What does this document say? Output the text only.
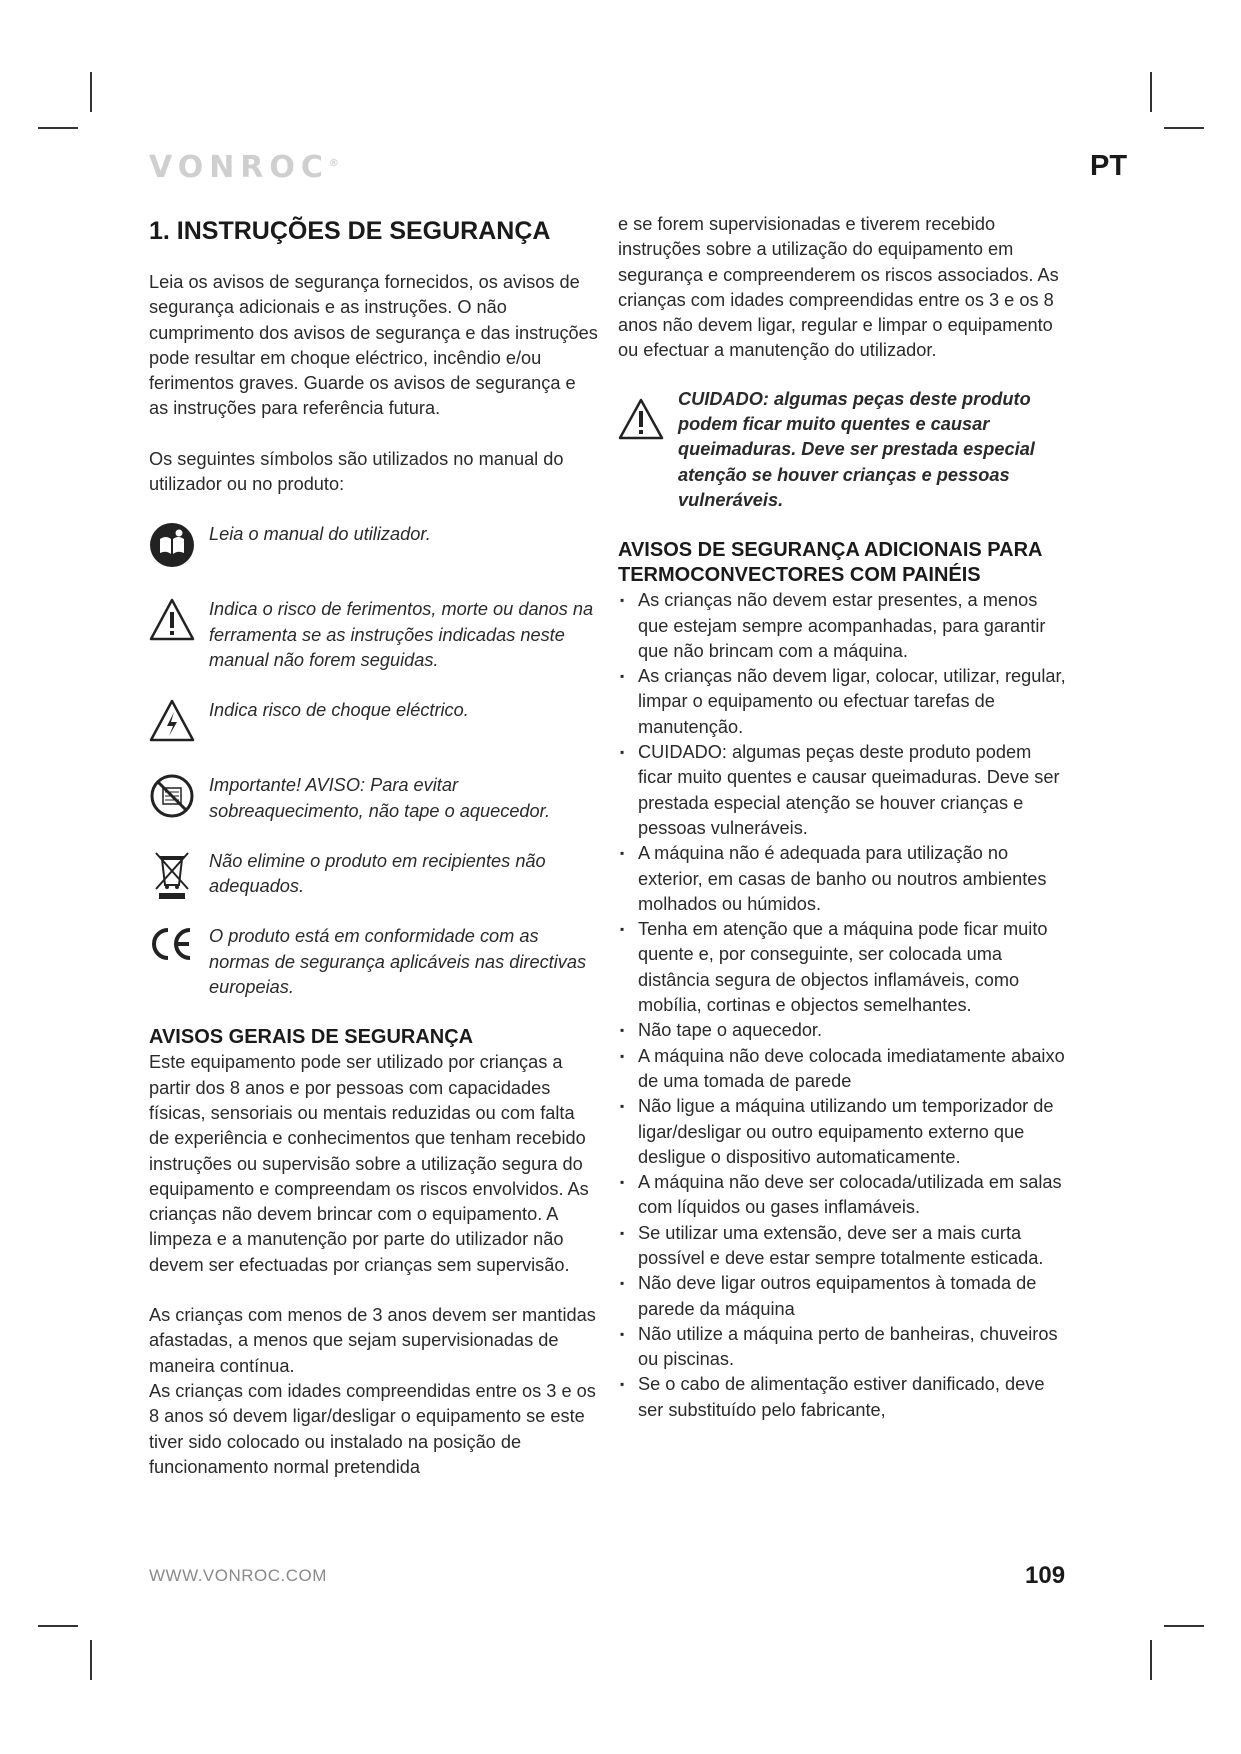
VONROC®	PT
1. INSTRUÇÕES DE SEGURANÇA

Leia os avisos de segurança fornecidos, os avisos de segurança adicionais e as instruções. O não cumprimento dos avisos de segurança e das instruções pode resultar em choque eléctrico, incêndio e/ou ferimentos graves. Guarde os avisos de segurança e as instruções para referência futura.

Os seguintes símbolos são utilizados no manual do utilizador ou no produto:

Leia o manual do utilizador.
Indica o risco de ferimentos, morte ou danos na ferramenta se as instruções indicadas neste manual não forem seguidas.
Indica risco de choque eléctrico.
Importante! AVISO: Para evitar sobreaquecimento, não tape o aquecedor.
Não elimine o produto em recipientes não adequados.
O produto está em conformidade com as normas de segurança aplicáveis nas directivas europeias.
AVISOS GERAIS DE SEGURANÇA

Este equipamento pode ser utilizado por crianças a partir dos 8 anos e por pessoas com capacidades físicas, sensoriais ou mentais reduzidas ou com falta de experiência e conhecimentos que tenham recebido instruções ou supervisão sobre a utilização segura do equipamento e compreendam os riscos envolvidos. As crianças não devem brincar com o equipamento. A limpeza e a manutenção por parte do utilizador não devem ser efectuadas por crianças sem supervisão.

As crianças com menos de 3 anos devem ser mantidas afastadas, a menos que sejam supervisionadas de maneira contínua.

As crianças com idades compreendidas entre os 3 e os 8 anos só devem ligar/desligar o equipamento se este tiver sido colocado ou instalado na posição de funcionamento normal pretendida

e se forem supervisionadas e tiverem recebido instruções sobre a utilização do equipamento em segurança e compreenderem os riscos associados. As crianças com idades compreendidas entre os 3 e os 8 anos não devem ligar, regular e limpar o equipamento ou efectuar a manutenção do utilizador.

CUIDADO: algumas peças deste produto podem ficar muito quentes e causar queimaduras. Deve ser prestada especial atenção se houver crianças e pessoas vulneráveis.
AVISOS DE SEGURANÇA ADICIONAIS PARA TERMOCONVECTORES COM PAINÉIS
▪ As crianças não devem estar presentes, a menos que estejam sempre acompanhadas, para garantir que não brincam com a máquina.
▪ As crianças não devem ligar, colocar, utilizar, regular, limpar o equipamento ou efectuar tarefas de manutenção.
▪ CUIDADO: algumas peças deste produto podem ficar muito quentes e causar queimaduras. Deve ser prestada especial atenção se houver crianças e pessoas vulneráveis.
▪ A máquina não é adequada para utilização no exterior, em casas de banho ou noutros ambientes molhados ou húmidos.
▪ Tenha em atenção que a máquina pode ficar muito quente e, por conseguinte, ser colocada uma distância segura de objectos inflamáveis, como mobília, cortinas e objectos semelhantes.
▪ Não tape o aquecedor.
▪ A máquina não deve colocada imediatamente abaixo de uma tomada de parede
▪ Não ligue a máquina utilizando um temporizador de ligar/desligar ou outro equipamento externo que desligue o dispositivo automaticamente.
▪ A máquina não deve ser colocada/utilizada em salas com líquidos ou gases inflamáveis.
▪ Se utilizar uma extensão, deve ser a mais curta possível e deve estar sempre totalmente esticada.
▪ Não deve ligar outros equipamentos à tomada de parede da máquina
▪ Não utilize a máquina perto de banheiras, chuveiros ou piscinas.
▪ Se o cabo de alimentação estiver danificado, deve ser substituído pelo fabricante,
WWW.VONROC.COM	109
